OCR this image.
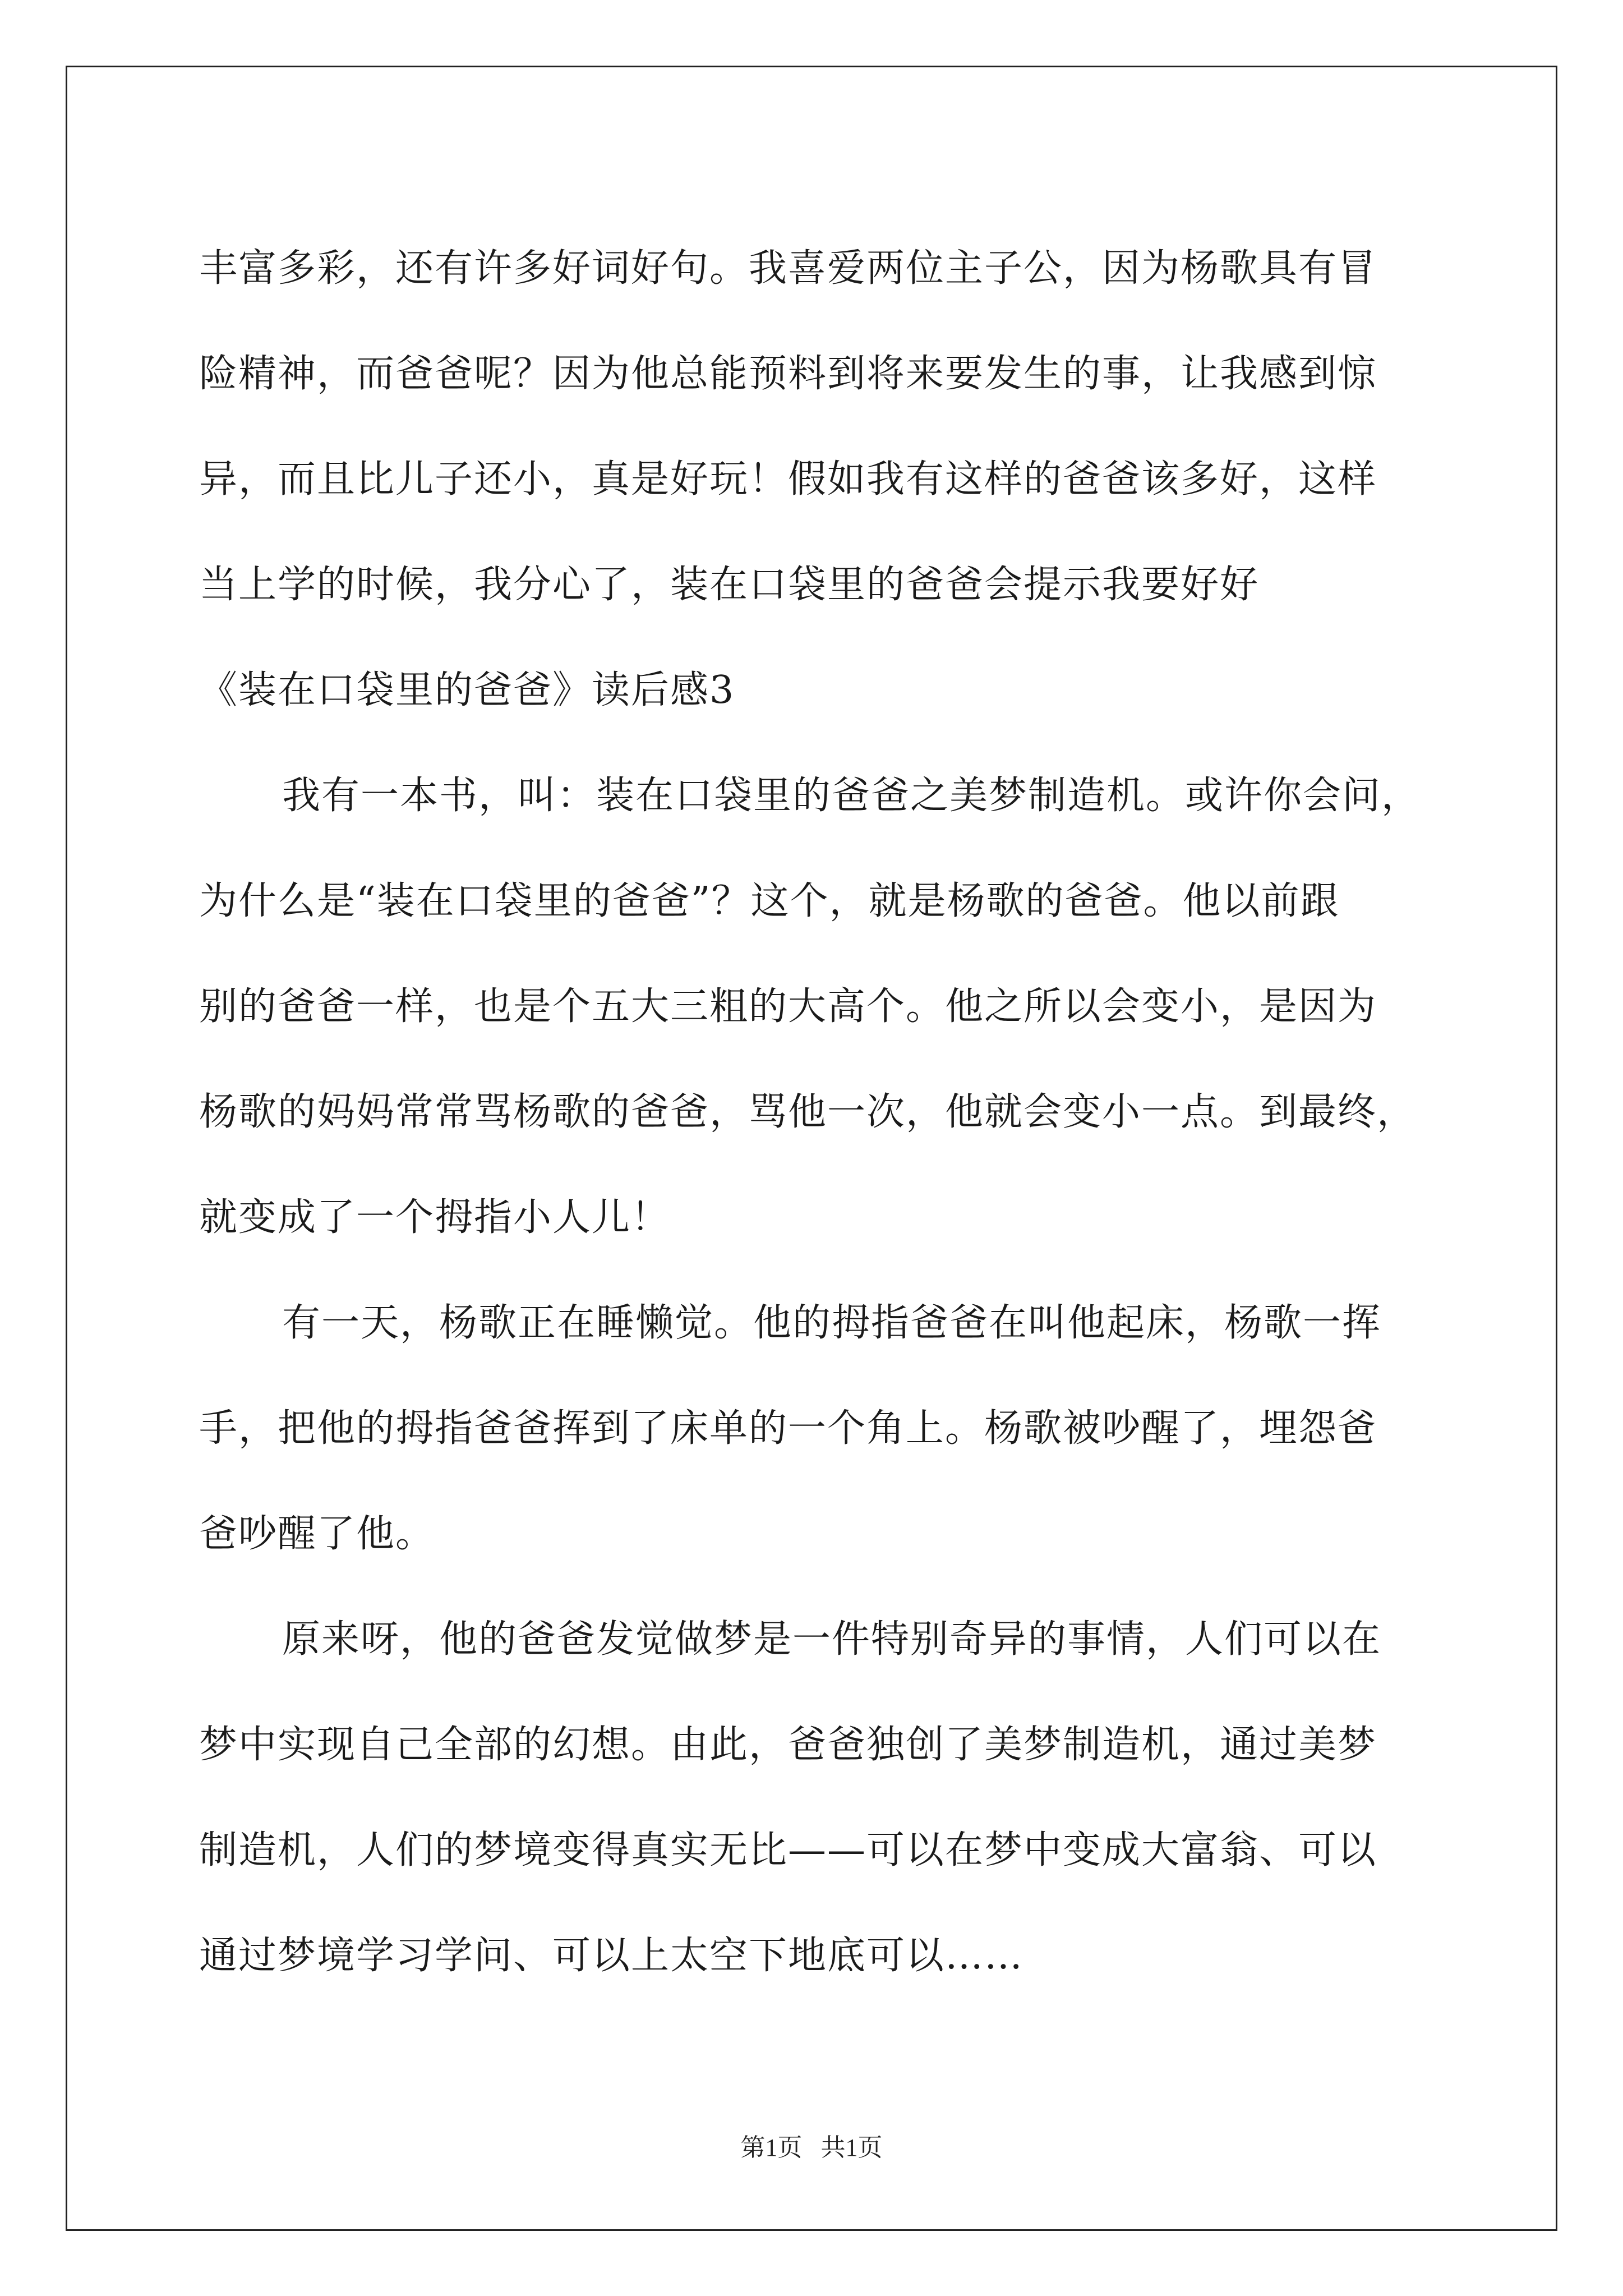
丰富多彩，还有许多好词好句。我喜爱两位主子公，因为杨歌具有冒
险精神，而爸爸呢？因为他总能预料到将来要发生的事，让我感到惊
异，而且比儿子还小，真是好玩！假如我有这样的爸爸该多好，这样
当上学的时候，我分心了，装在口袋里的爸爸会提示我要好好
《装在口袋里的爸爸》读后感3
我有一本书，叫：装在口袋里的爸爸之美梦制造机。或许你会问，
为什么是“装在口袋里的爸爸”？这个，就是杨歌的爸爸。他以前跟
别的爸爸一样，也是个五大三粗的大高个。他之所以会变小，是因为
杨歌的妈妈常常骂杨歌的爸爸，骂他一次，他就会变小一点。到最终，
就变成了一个拇指小人儿！
有一天，杨歌正在睡懒觉。他的拇指爸爸在叫他起床，杨歌一挥
手，把他的拇指爸爸挥到了床单的一个角上。杨歌被吵醒了，埋怨爸
爸吵醒了他。
原来呀，他的爸爸发觉做梦是一件特别奇异的事情，人们可以在
梦中实现自己全部的幻想。由此，爸爸独创了美梦制造机，通过美梦
制造机，人们的梦境变得真实无比——可以在梦中变成大富翁、可以
通过梦境学习学问、可以上太空下地底可以……
第1页   共1页
